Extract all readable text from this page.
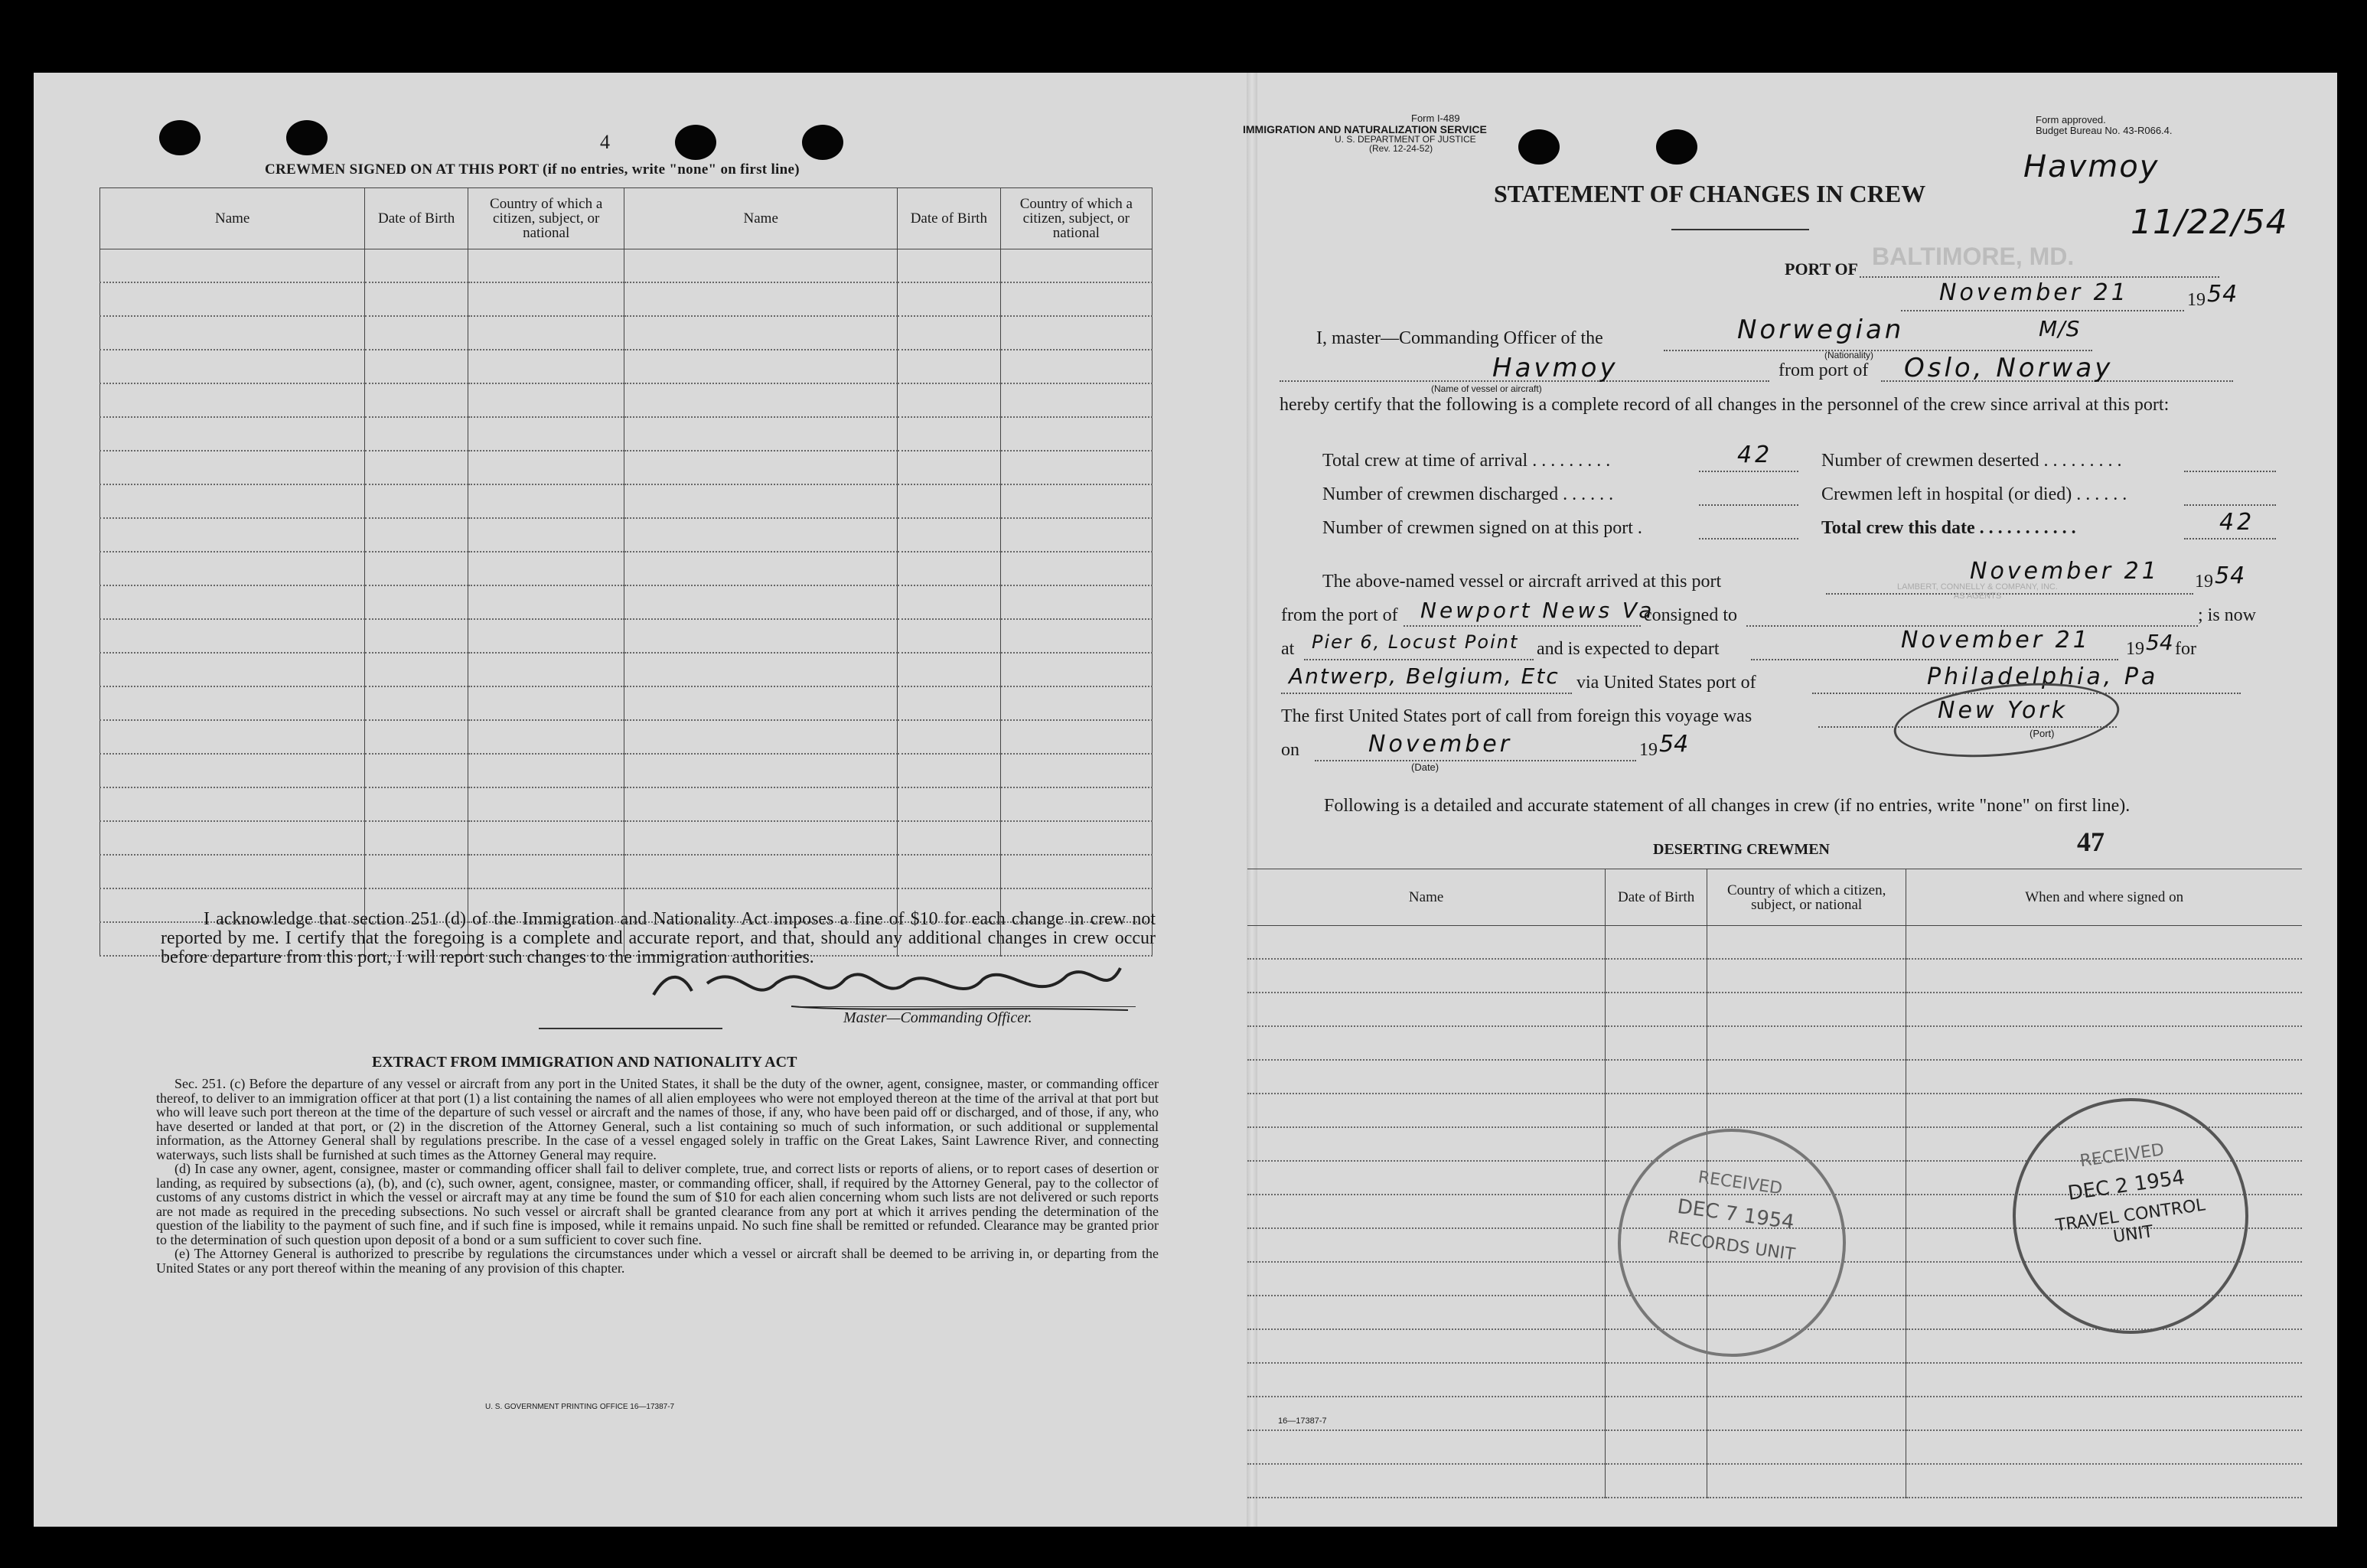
4
CREWMEN SIGNED ON AT THIS PORT (if no entries, write "none" on first line)
Name	Date of Birth	Country of which a citizen, subject, or national	Name	Date of Birth	Country of which a citizen, subject, or national

I acknowledge that section 251 (d) of the Immigration and Nationality Act imposes a fine of $10 for each change in crew not reported by me. I certify that the foregoing is a complete and accurate report, and that, should any additional changes in crew occur before departure from this port, I will report such changes to the immigration authorities.
Master—Commanding Officer.
EXTRACT FROM IMMIGRATION AND NATIONALITY ACT

Sec. 251. (c) Before the departure of any vessel or aircraft from any port in the United States, it shall be the duty of the owner, agent, consignee, master, or commanding officer thereof, to deliver to an immigration officer at that port (1) a list containing the names of all alien employees who were not employed thereon at the time of the arrival at that port but who will leave such port thereon at the time of the departure of such vessel or aircraft and the names of those, if any, who have been paid off or discharged, and of those, if any, who have deserted or landed at that port, or (2) in the discretion of the Attorney General, such a list containing so much of such information, or such additional or supplemental information, as the Attorney General shall by regulations prescribe. In the case of a vessel engaged solely in traffic on the Great Lakes, Saint Lawrence River, and connecting waterways, such lists shall be furnished at such times as the Attorney General may require.

(d) In case any owner, agent, consignee, master or commanding officer shall fail to deliver complete, true, and correct lists or reports of aliens, or to report cases of desertion or landing, as required by subsections (a), (b), and (c), such owner, agent, consignee, master, or commanding officer, shall, if required by the Attorney General, pay to the collector of customs of any customs district in which the vessel or aircraft may at any time be found the sum of $10 for each alien concerning whom such lists are not delivered or such reports are not made as required in the preceding subsections. No such vessel or aircraft shall be granted clearance from any port at which it arrives pending the determination of the question of the liability to the payment of such fine, and if such fine is imposed, while it remains unpaid. No such fine shall be remitted or refunded. Clearance may be granted prior to the determination of such question upon deposit of a bond or a sum sufficient to cover such fine.

(e) The Attorney General is authorized to prescribe by regulations the circumstances under which a vessel or aircraft shall be deemed to be arriving in, or departing from the United States or any port thereof within the meaning of any provision of this chapter.

U. S. GOVERNMENT PRINTING OFFICE 16—17387-7
Form I-489
IMMIGRATION AND NATURALIZATION SERVICE
U. S. DEPARTMENT OF JUSTICE
(Rev. 12-24-52)
Form approved.
Budget Bureau No. 43-R066.4.
Havmoy
11/22/54
STATEMENT OF CHANGES IN CREW
PORT OF BALTIMORE, MD.
November 21	19 54
I, master—Commanding Officer of the	Norwegian	M/S
(Nationality)
Havmoy
(Name of vessel or aircraft)
from port of Oslo, Norway
hereby certify that the following is a complete record of all changes in the personnel of the crew since arrival at this port:
Total crew at time of arrival . . . . . . . . .	42	Number of crewmen deserted . . . . . . . . .
Number of crewmen discharged . . . . . .	Crewmen left in hospital (or died) . . . . . .
Number of crewmen signed on at this port .	Total crew this date . . . . . . . . . . .	42
The above-named vessel or aircraft arrived at this port	November 21 19 54
from the port of Newport News Va
consigned to
LAMBERT, CONNELLY & COMPANY, INC. AS AGENTS
; is now
at Pier 6, Locust Point and is expected to depart	November 21 19 54 for
Antwerp, Belgium, Etc via United States port of	Philadelphia, Pa
The first United States port of call from foreign this voyage was	New York
(Port)
on	November	19 54
(Date)
Following is a detailed and accurate statement of all changes in crew (if no entries, write "none" on first line).
DESERTING CREWMEN	47
Name	Date of Birth	Country of which a citizen, subject, or national	When and where signed on

RECEIVED
DEC 7 1954
RECORDS UNIT
RECEIVED
DEC 2 1954
TRAVEL CONTROL UNIT
16—17387-7
